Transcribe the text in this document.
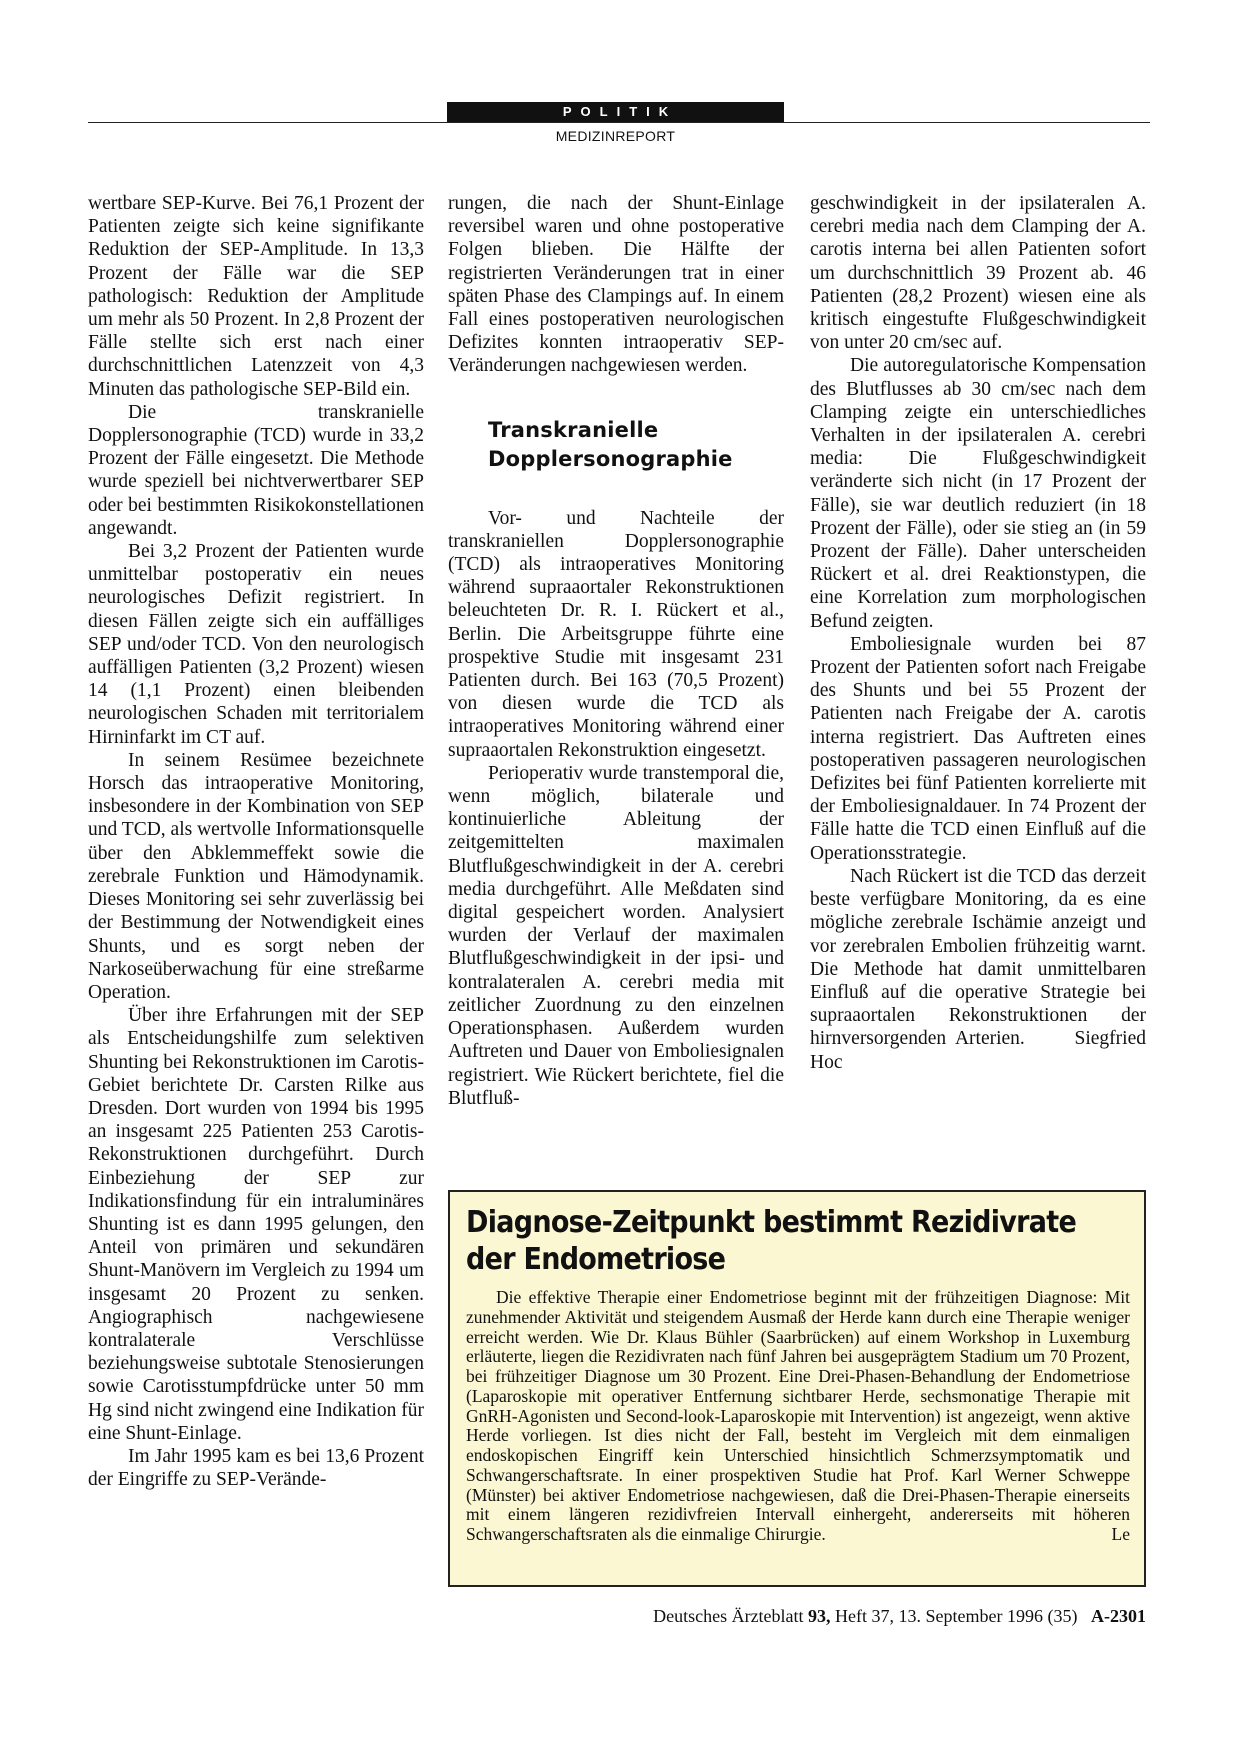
POLITIK
MEDIZINREPORT

wertbare SEP-Kurve. Bei 76,1 Prozent der Patienten zeigte sich keine signifikante Reduktion der SEP-Amplitude. In 13,3 Prozent der Fälle war die SEP pathologisch: Reduktion der Amplitude um mehr als 50 Prozent. In 2,8 Prozent der Fälle stellte sich erst nach einer durchschnittlichen Latenzzeit von 4,3 Minuten das pathologische SEP-Bild ein.

Die transkranielle Dopplersonographie (TCD) wurde in 33,2 Prozent der Fälle eingesetzt. Die Methode wurde speziell bei nichtverwertbarer SEP oder bei bestimmten Risikokonstellationen angewandt.

Bei 3,2 Prozent der Patienten wurde unmittelbar postoperativ ein neues neurologisches Defizit registriert. In diesen Fällen zeigte sich ein auffälliges SEP und/oder TCD. Von den neurologisch auffälligen Patienten (3,2 Prozent) wiesen 14 (1,1 Prozent) einen bleibenden neurologischen Schaden mit territorialem Hirninfarkt im CT auf.

In seinem Resümee bezeichnete Horsch das intraoperative Monitoring, insbesondere in der Kombination von SEP und TCD, als wertvolle Informationsquelle über den Abklemmeffekt sowie die zerebrale Funktion und Hämodynamik. Dieses Monitoring sei sehr zuverlässig bei der Bestimmung der Notwendigkeit eines Shunts, und es sorgt neben der Narkoseüberwachung für eine streßarme Operation.

Über ihre Erfahrungen mit der SEP als Entscheidungshilfe zum selektiven Shunting bei Rekonstruktionen im Carotis-Gebiet berichtete Dr. Carsten Rilke aus Dresden. Dort wurden von 1994 bis 1995 an insgesamt 225 Patienten 253 Carotis-Rekonstruktionen durchgeführt. Durch Einbeziehung der SEP zur Indikationsfindung für ein intraluminäres Shunting ist es dann 1995 gelungen, den Anteil von primären und sekundären Shunt-Manövern im Vergleich zu 1994 um insgesamt 20 Prozent zu senken. Angiographisch nachgewiesene kontralaterale Verschlüsse beziehungsweise subtotale Stenosierungen sowie Carotisstumpfdrücke unter 50 mm Hg sind nicht zwingend eine Indikation für eine Shunt-Einlage.

Im Jahr 1995 kam es bei 13,6 Prozent der Eingriffe zu SEP-Verände-

rungen, die nach der Shunt-Einlage reversibel waren und ohne postoperative Folgen blieben. Die Hälfte der registrierten Veränderungen trat in einer späten Phase des Clampings auf. In einem Fall eines postoperativen neurologischen Defizites konnten intraoperativ SEP-Veränderungen nachgewiesen werden.

Transkranielle
Dopplersonographie

Vor- und Nachteile der transkraniellen Dopplersonographie (TCD) als intraoperatives Monitoring während supraaortaler Rekonstruktionen beleuchteten Dr. R. I. Rückert et al., Berlin. Die Arbeitsgruppe führte eine prospektive Studie mit insgesamt 231 Patienten durch. Bei 163 (70,5 Prozent) von diesen wurde die TCD als intraoperatives Monitoring während einer supraaortalen Rekonstruktion eingesetzt.

Perioperativ wurde transtemporal die, wenn möglich, bilaterale und kontinuierliche Ableitung der zeitgemittelten maximalen Blutflußgeschwindigkeit in der A. cerebri media durchgeführt. Alle Meßdaten sind digital gespeichert worden. Analysiert wurden der Verlauf der maximalen Blutflußgeschwindigkeit in der ipsi- und kontralateralen A. cerebri media mit zeitlicher Zuordnung zu den einzelnen Operationsphasen. Außerdem wurden Auftreten und Dauer von Emboliesignalen registriert. Wie Rückert berichtete, fiel die Blutfluß-

geschwindigkeit in der ipsilateralen A. cerebri media nach dem Clamping der A. carotis interna bei allen Patienten sofort um durchschnittlich 39 Prozent ab. 46 Patienten (28,2 Prozent) wiesen eine als kritisch eingestufte Flußgeschwindigkeit von unter 20 cm/sec auf.

Die autoregulatorische Kompensation des Blutflusses ab 30 cm/sec nach dem Clamping zeigte ein unterschiedliches Verhalten in der ipsilateralen A. cerebri media: Die Flußgeschwindigkeit veränderte sich nicht (in 17 Prozent der Fälle), sie war deutlich reduziert (in 18 Prozent der Fälle), oder sie stieg an (in 59 Prozent der Fälle). Daher unterscheiden Rückert et al. drei Reaktionstypen, die eine Korrelation zum morphologischen Befund zeigten.

Emboliesignale wurden bei 87 Prozent der Patienten sofort nach Freigabe des Shunts und bei 55 Prozent der Patienten nach Freigabe der A. carotis interna registriert. Das Auftreten eines postoperativen passageren neurologischen Defizites bei fünf Patienten korrelierte mit der Emboliesignaldauer. In 74 Prozent der Fälle hatte die TCD einen Einfluß auf die Operationsstrategie.

Nach Rückert ist die TCD das derzeit beste verfügbare Monitoring, da es eine mögliche zerebrale Ischämie anzeigt und vor zerebralen Embolien frühzeitig warnt. Die Methode hat damit unmittelbaren Einfluß auf die operative Strategie bei supraaortalen Rekonstruktionen der hirnversorgenden Arterien.	Siegfried Hoc

Diagnose-Zeitpunkt bestimmt Rezidivrate
der Endometriose

Die effektive Therapie einer Endometriose beginnt mit der frühzeitigen Diagnose: Mit zunehmender Aktivität und steigendem Ausmaß der Herde kann durch eine Therapie weniger erreicht werden. Wie Dr. Klaus Bühler (Saarbrücken) auf einem Workshop in Luxemburg erläuterte, liegen die Rezidivraten nach fünf Jahren bei ausgeprägtem Stadium um 70 Prozent, bei frühzeitiger Diagnose um 30 Prozent. Eine Drei-Phasen-Behandlung der Endometriose (Laparoskopie mit operativer Entfernung sichtbarer Herde, sechsmonatige Therapie mit GnRH-Agonisten und Second-look-Laparoskopie mit Intervention) ist angezeigt, wenn aktive Herde vorliegen. Ist dies nicht der Fall, besteht im Vergleich mit dem einmaligen endoskopischen Eingriff kein Unterschied hinsichtlich Schmerzsymptomatik und Schwangerschaftsrate. In einer prospektiven Studie hat Prof. Karl Werner Schweppe (Münster) bei aktiver Endometriose nachgewiesen, daß die Drei-Phasen-Therapie einerseits mit einem längeren rezidivfreien Intervall einhergeht, andererseits mit höheren Schwangerschaftsraten als die einmalige Chirurgie.	Le

Deutsches Ärzteblatt 93, Heft 37, 13. September 1996 (35) A-2301
